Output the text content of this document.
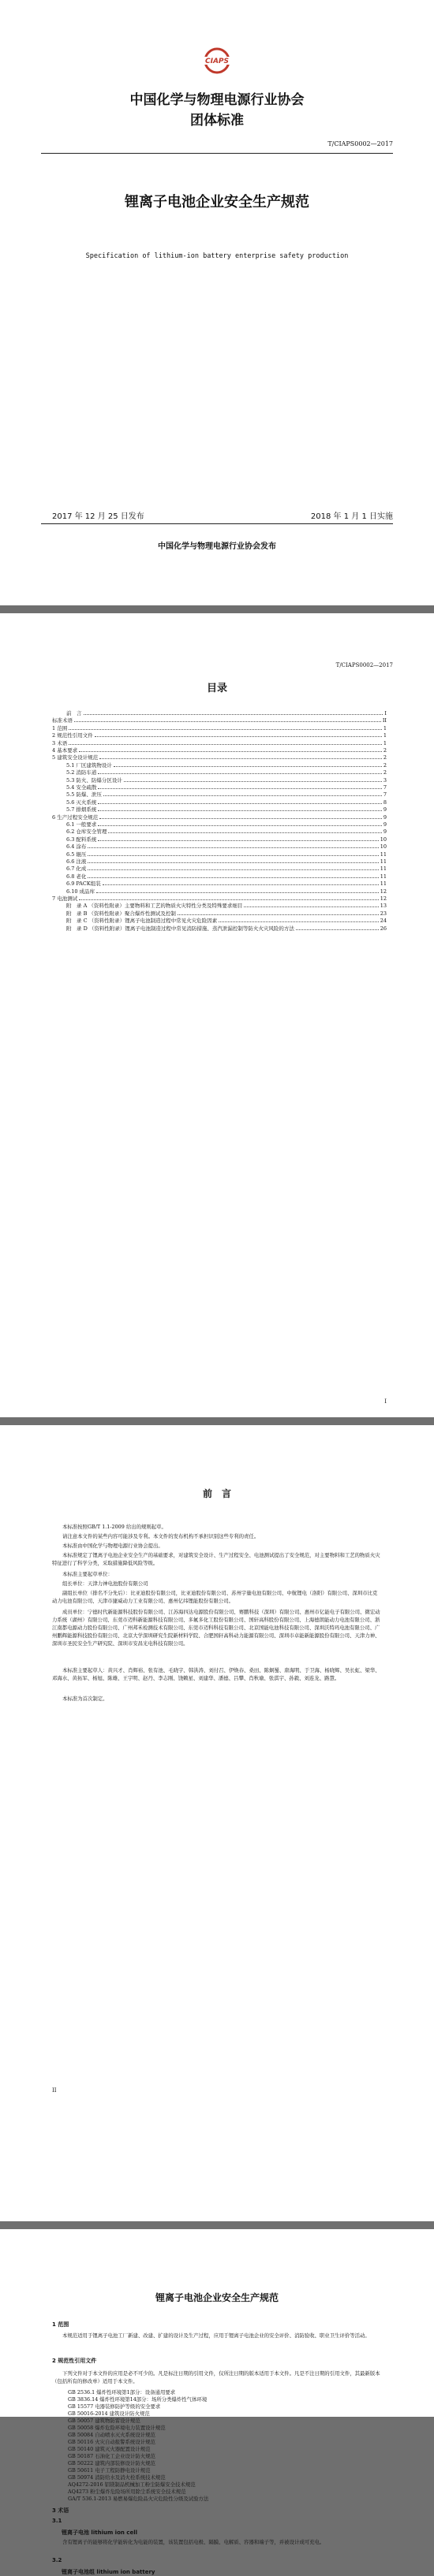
CIAPS
中国化学与物理电源行业协会
团体标准
T/CIAPS0002—2017
锂离子电池企业安全生产规范
Specification of lithium-ion battery enterprise safety production
2017 年 12 月 25 日发布	2018 年 1 月 1 日实施
中国化学与物理电源行业协会发布
T/CIAPS0002—2017
目录
I
前　言	I
标准术语	II
1 范围	1
2 规范性引用文件	1
3 术语	1
4 基本要求	2
5 建筑安全设计规范	2
5.1 厂区建筑物设计	2
5.2 消防车道	2
5.3 防火、防爆分区设计	3
5.4 安全疏散	7
5.5 防爆、泄压	7
5.6 灭火系统	8
5.7 排烟系统	9
6 生产过程安全规范	9
6.1 一般要求	9
6.2 仓库安全管理	9
6.3 配料系统	10
6.4 涂布	10
6.5 辊压	11
6.6 注液	11
6.7 化成	11
6.8 老化	11
6.9 PACK组装	11
6.10 成品库	12
7 电池测试	12
附　录 A （资料性附录）主要物料和工艺的物质火灾特性分类及特殊要求细目	13
附　录 B （资料性附录）聚合爆炸性测试及控制	23
附　录 C （资料性附录）锂离子电池制造过程中常见火灾危险因素	24
附　录 D （资料性附录）锂离子电池制造过程中常见消防措施、蒸汽泄漏控制等防火火灾风险的方法	26
前　言
II
本标准按照GB/T 1.1-2009 给出的规则起草。
请注意本文件的某些内容可能涉及专利。本文件的发布机构不承担识别这些专利的责任。
本标准由中国化学与物理电源行业协会提出。
本标准规定了锂离子电池企业安全生产的基础要求，对建筑安全设计、生产过程安全、电池测试提出了安全规范，对主要物料和工艺的物质火灾特征进行了科学分类，采取措施降低风险等级。
本标准主要起草单位：
组长单位：天津力神电池股份有限公司
副组长单位（排名不分先后）：比亚迪股份有限公司，比亚迪股份有限公司、苏州宇量电池有限公司、中航锂电（洛阳）有限公司、深圳市比克动力电池有限公司、天津市捷威动力工业有限公司、惠州亿纬锂能股份有限公司。
成员单位：宁德时代新能源科技股份有限公司、江苏海四达电源股份有限公司、赛鹏科技（深圳）有限公司、惠州市亿能电子有限公司、微宏动力系统（湖州）有限公司、东莞市迈科新能源科技有限公司、多氟多化工股份有限公司、国轩高科股份有限公司、上海德朗能动力电池有限公司、浙江南都电源动力股份有限公司、广州邦禾检测技术有限公司、东莞市迈科科技有限公司、北京国能电池科技有限公司、深圳沃特玛电池有限公司、广州鹏辉能源科技股份有限公司、北京大学深圳研究生院新材料学院、合肥国轩高科动力能源有限公司、深圳市卓能新能源股份有限公司、天津力神、深圳市圣民安全生产研究院、深圳市安昌光电科技有限公司。
本标准主要起草人：黄兴才、肖辉裕、张有池、毛晓宇、韩洪涛、刘付召、伊焕春、桑田、陈炯蜀、唐海明、于卫海、杨晓辉、吴长虹、梁华、邓海水、黄拓军、杨旭、陈雄、王宇明、赵丹、李志刚、饶赖星、刘建华、潘德、吕攀、肖秋瑜、张淇宇、孙毅、刘连龙、路慧。
本标准为首次制定。
锂离子电池企业安全生产规范
1 范围
本规范适用于锂离子电池工厂新建、改建、扩建的设计及生产过程，应用于锂离子电池企业的安全评价、消防验收、职业卫生评价等活动。
2 规范性引用文件
下列文件对于本文件的应用是必不可少的。凡是标注日期的引用文件，仅所注日期的版本适用于本文件。凡是不注日期的引用文件，其最新版本（包括所有的修改单）适用于本文件。
3 术语
3.1
锂离子电池 lithium ion cell
含有锂离子的能够将化学能转化为电能的装置，该装置包括电极、隔膜、电解质、容器和端子等，并被设计成可充电。
3.2
锂离子电池组 lithium ion battery
GB 2536.1 爆炸性环境第1部分：设备通用要求
GB 3836.14 爆炸性环境第14部分：场所分类爆炸性气体环境
GB 15577 电器装修防护等级的安全要求
GB 50016-2014 建筑设计防火规范
GB 50057 建筑物防雷设计规范
GB 50058 爆炸危险环境电力装置设计规范
GB 50084 自动喷水灭火系统设计规范
GB 50116 火灾自动报警系统设计规范
GB 50140 建筑灭火器配置设计规范
GB 50187 石油化工企业设计防火规范
GB 50222 建筑内部装修设计防火规范
GB 50611 电子工程防静电设计规范
GB 50974 消防给水及消火栓系统技术规范
AQ4272-2016 铝镁制品机械加工粉尘防爆安全技术规范
AQ4273 粉尘爆炸危险场所用除尘系统安全技术规范
GA/T 536.1-2013 易燃易爆危险品火灾危险性分级及试验方法
